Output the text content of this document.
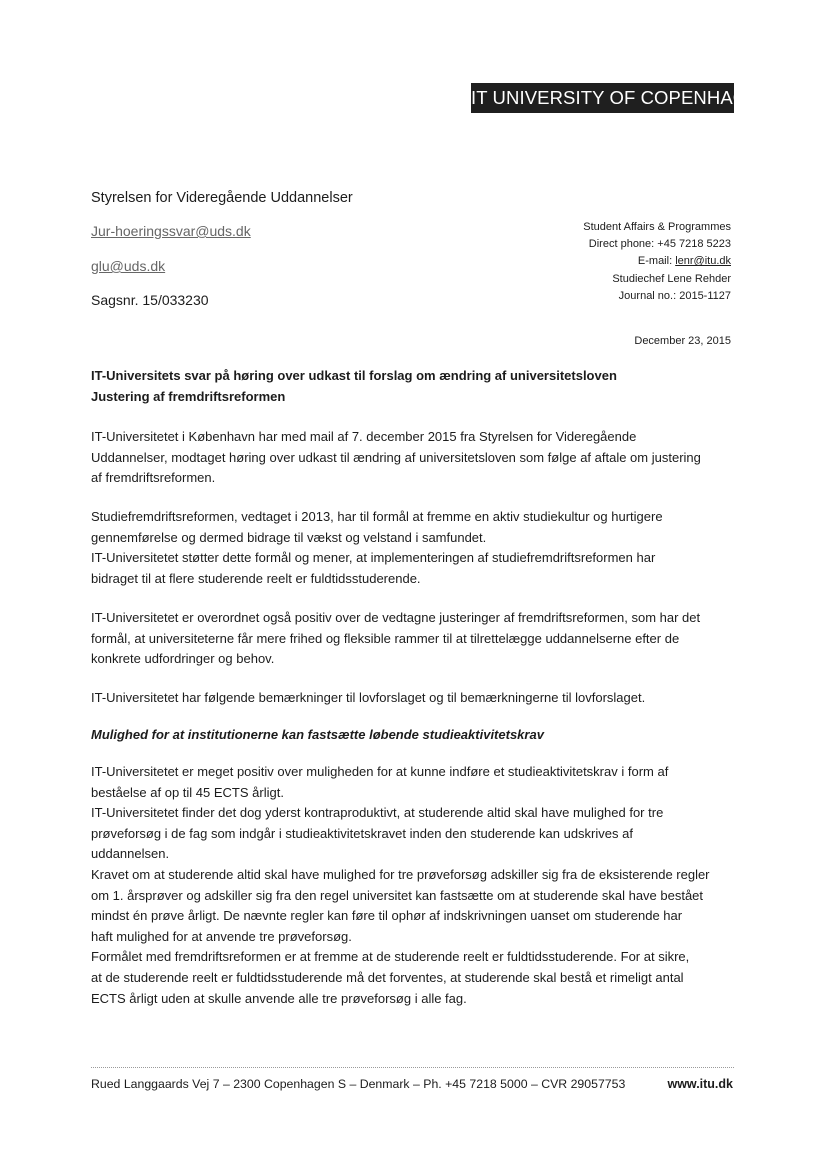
IT UNIVERSITY OF COPENHAGEN
Styrelsen for Videregående Uddannelser
Jur-hoeringssvar@uds.dk
glu@uds.dk
Sagsnr. 15/033230
Student Affairs & Programmes
Direct phone: +45 7218 5223
E-mail: lenr@itu.dk
Studiechef Lene Rehder
Journal no.: 2015-1127
December 23, 2015
IT-Universitets svar på høring over udkast til forslag om ændring af universitetsloven
Justering af fremdriftsreformen
IT-Universitetet i København har med mail af 7. december 2015 fra Styrelsen for Videregående
Uddannelser, modtaget høring over udkast til ændring af universitetsloven som følge af aftale om justering
af fremdriftsreformen.
Studiefremdriftsreformen, vedtaget i 2013, har til formål at fremme en aktiv studiekultur og hurtigere
gennemførelse og dermed bidrage til vækst og velstand i samfundet.
IT-Universitetet støtter dette formål og mener, at implementeringen af studiefremdriftsreformen har
bidraget til at flere studerende reelt er fuldtidsstuderende.
IT-Universitetet er overordnet også positiv over de vedtagne justeringer af fremdriftsreformen, som har det
formål, at universiteterne får mere frihed og fleksible rammer til at tilrettelægge uddannelserne efter de
konkrete udfordringer og behov.
IT-Universitetet har følgende bemærkninger til lovforslaget og til bemærkningerne til lovforslaget.
Mulighed for at institutionerne kan fastsætte løbende studieaktivitetskrav
IT-Universitetet er meget positiv over muligheden for at kunne indføre et studieaktivitetskrav i form af
beståelse af op til 45 ECTS årligt.
IT-Universitetet finder det dog yderst kontraproduktivt, at studerende altid skal have mulighed for tre
prøveforsøg i de fag som indgår i studieaktivitetskravet inden den studerende kan udskrives af
uddannelsen.
Kravet om at studerende altid skal have mulighed for tre prøveforsøg adskiller sig fra de eksisterende regler
om 1. årsprøver og adskiller sig fra den regel universitet kan fastsætte om at studerende skal have bestået
mindst én prøve årligt. De nævnte regler kan føre til ophør af indskrivningen uanset om studerende har
haft mulighed for at anvende tre prøveforsøg.
Formålet med fremdriftsreformen er at fremme at de studerende reelt er fuldtidsstuderende. For at sikre,
at de studerende reelt er fuldtidsstuderende må det forventes, at studerende skal bestå et rimeligt antal
ECTS årligt uden at skulle anvende alle tre prøveforsøg i alle fag.
Rued Langgaards Vej 7 – 2300 Copenhagen S – Denmark – Ph. +45 7218 5000 – CVR 29057753	www.itu.dk
